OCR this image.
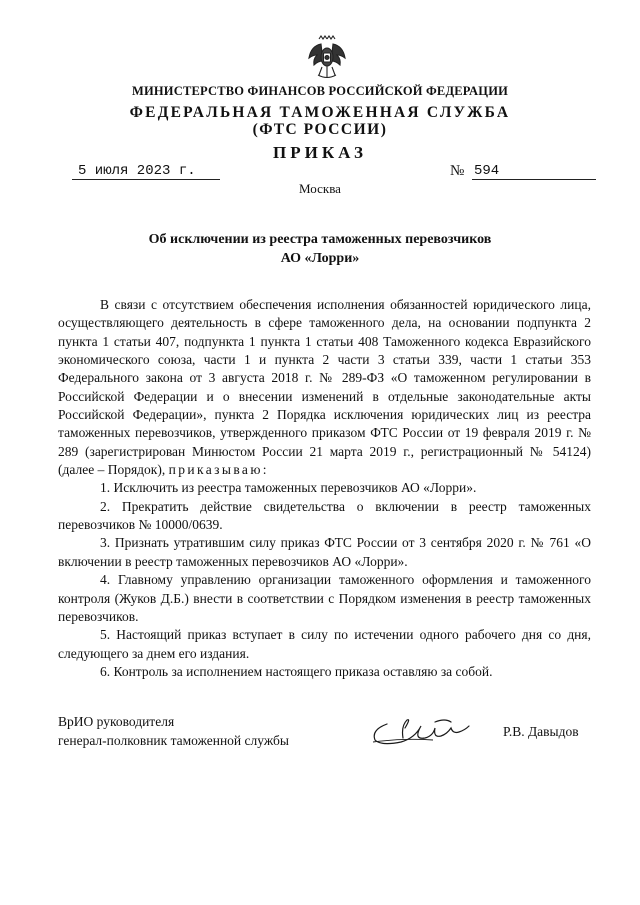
МИНИСТЕРСТВО ФИНАНСОВ РОССИЙСКОЙ ФЕДЕРАЦИИ
ФЕДЕРАЛЬНАЯ ТАМОЖЕННАЯ СЛУЖБА
(ФТС РОССИИ)
ПРИКАЗ
5 июля 2023 г.	№ 594
Москва
Об исключении из реестра таможенных перевозчиков
АО «Лорри»

В связи с отсутствием обеспечения исполнения обязанностей юридического лица, осуществляющего деятельность в сфере таможенного дела, на основании подпункта 2 пункта 1 статьи 407, подпункта 1 пункта 1 статьи 408 Таможенного кодекса Евразийского экономического союза, части 1 и пункта 2 части 3 статьи 339, части 1 статьи 353 Федерального закона от 3 августа 2018 г. № 289-ФЗ «О таможенном регулировании в Российской Федерации и о внесении изменений в отдельные законодательные акты Российской Федерации», пункта 2 Порядка исключения юридических лиц из реестра таможенных перевозчиков, утвержденного приказом ФТС России от 19 февраля 2019 г. № 289 (зарегистрирован Минюстом России 21 марта 2019 г., регистрационный № 54124) (далее – Порядок), приказываю:

1. Исключить из реестра таможенных перевозчиков АО «Лорри».

2. Прекратить действие свидетельства о включении в реестр таможенных перевозчиков № 10000/0639.

3. Признать утратившим силу приказ ФТС России от 3 сентября 2020 г. № 761 «О включении в реестр таможенных перевозчиков АО «Лорри».

4. Главному управлению организации таможенного оформления и таможенного контроля (Жуков Д.Б.) внести в соответствии с Порядком изменения в реестр таможенных перевозчиков.

5. Настоящий приказ вступает в силу по истечении одного рабочего дня со дня, следующего за днем его издания.

6. Контроль за исполнением настоящего приказа оставляю за собой.

ВрИО руководителя
генерал-полковник таможенной службы
Р.В. Давыдов
